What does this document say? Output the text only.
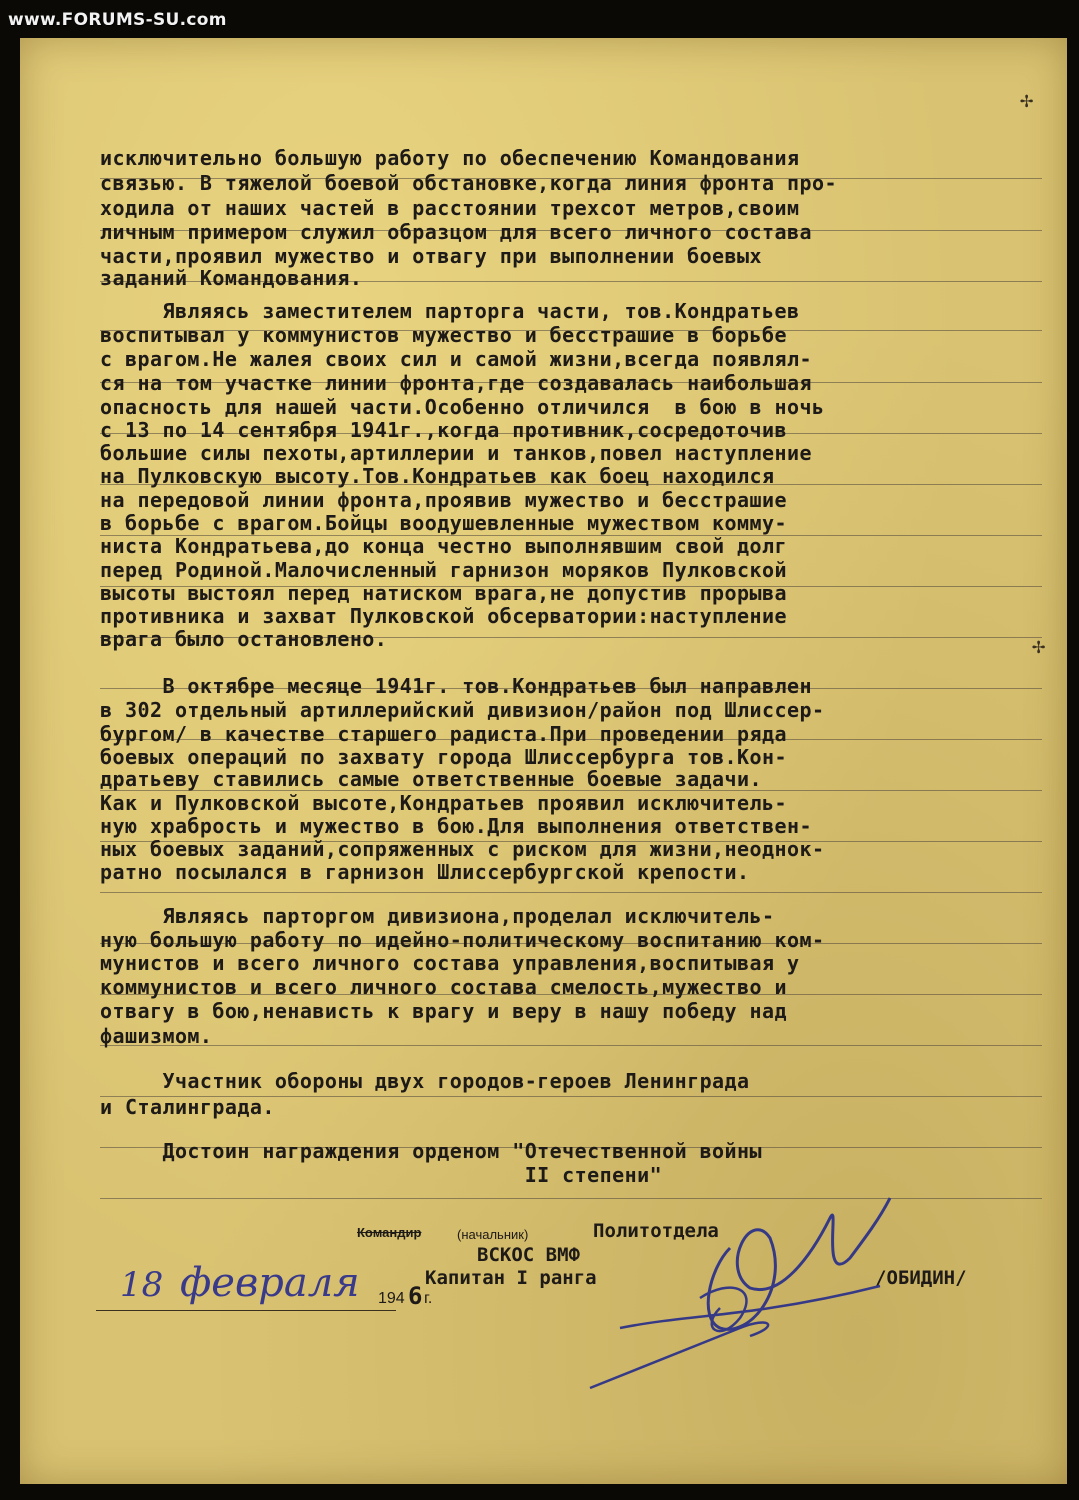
www.FORUMS-SU.com
✢
✢
исключительно большую работу по обеспечению Командования
связью. В тяжелой боевой обстановке,когда линия фронта про-
ходила от наших частей в расстоянии трехсот метров,своим
личным примером служил образцом для всего личного состава
части,проявил мужество и отвагу при выполнении боевых
заданий Командования.
Являясь заместителем парторга части, тов.Кондратьев
воспитывал у коммунистов мужество и бесстрашие в борьбе
с врагом.Не жалея своих сил и самой жизни,всегда появлял-
ся на том участке линии фронта,где создавалась наибольшая
опасность для нашей части.Особенно отличился  в бою в ночь
с 13 по 14 сентября 1941г.,когда противник,сосредоточив
большие силы пехоты,артиллерии и танков,повел наступление
на Пулковскую высоту.Тов.Кондратьев как боец находился
на передовой линии фронта,проявив мужество и бесстрашие
в борьбе с врагом.Бойцы воодушевленные мужеством комму-
ниста Кондратьева,до конца честно выполнявшим свой долг
перед Родиной.Малочисленный гарнизон моряков Пулковской
высоты выстоял перед натиском врага,не допустив прорыва
противника и захват Пулковской обсерватории:наступление
врага было остановлено.
В октябре месяце 1941г. тов.Кондратьев был направлен
в 302 отдельный артиллерийский дивизион/район под Шлиссер-
бургом/ в качестве старшего радиста.При проведении ряда
боевых операций по захвату города Шлиссербурга тов.Кон-
дратьеву ставились самые ответственные боевые задачи.
Как и Пулковской высоте,Кондратьев проявил исключитель-
ную храбрость и мужество в бою.Для выполнения ответствен-
ных боевых заданий,сопряженных с риском для жизни,неоднок-
ратно посылался в гарнизон Шлиссербургской крепости.
Являясь парторгом дивизиона,проделал исключитель-
ную большую работу по идейно-политическому воспитанию ком-
мунистов и всего личного состава управления,воспитывая у
коммунистов и всего личного состава смелость,мужество и
отвагу в бою,ненависть к врагу и веру в нашу победу над
фашизмом.
Участник обороны двух городов-героев Ленинграда
и Сталинграда.
Достоин награждения орденом "Отечественной войны
II степени"
Командир	(начальник)	Политотдела
ВСКОС ВМФ
Капитан I ранга	/ОБИДИН/
18 февраля 194 6 г.
